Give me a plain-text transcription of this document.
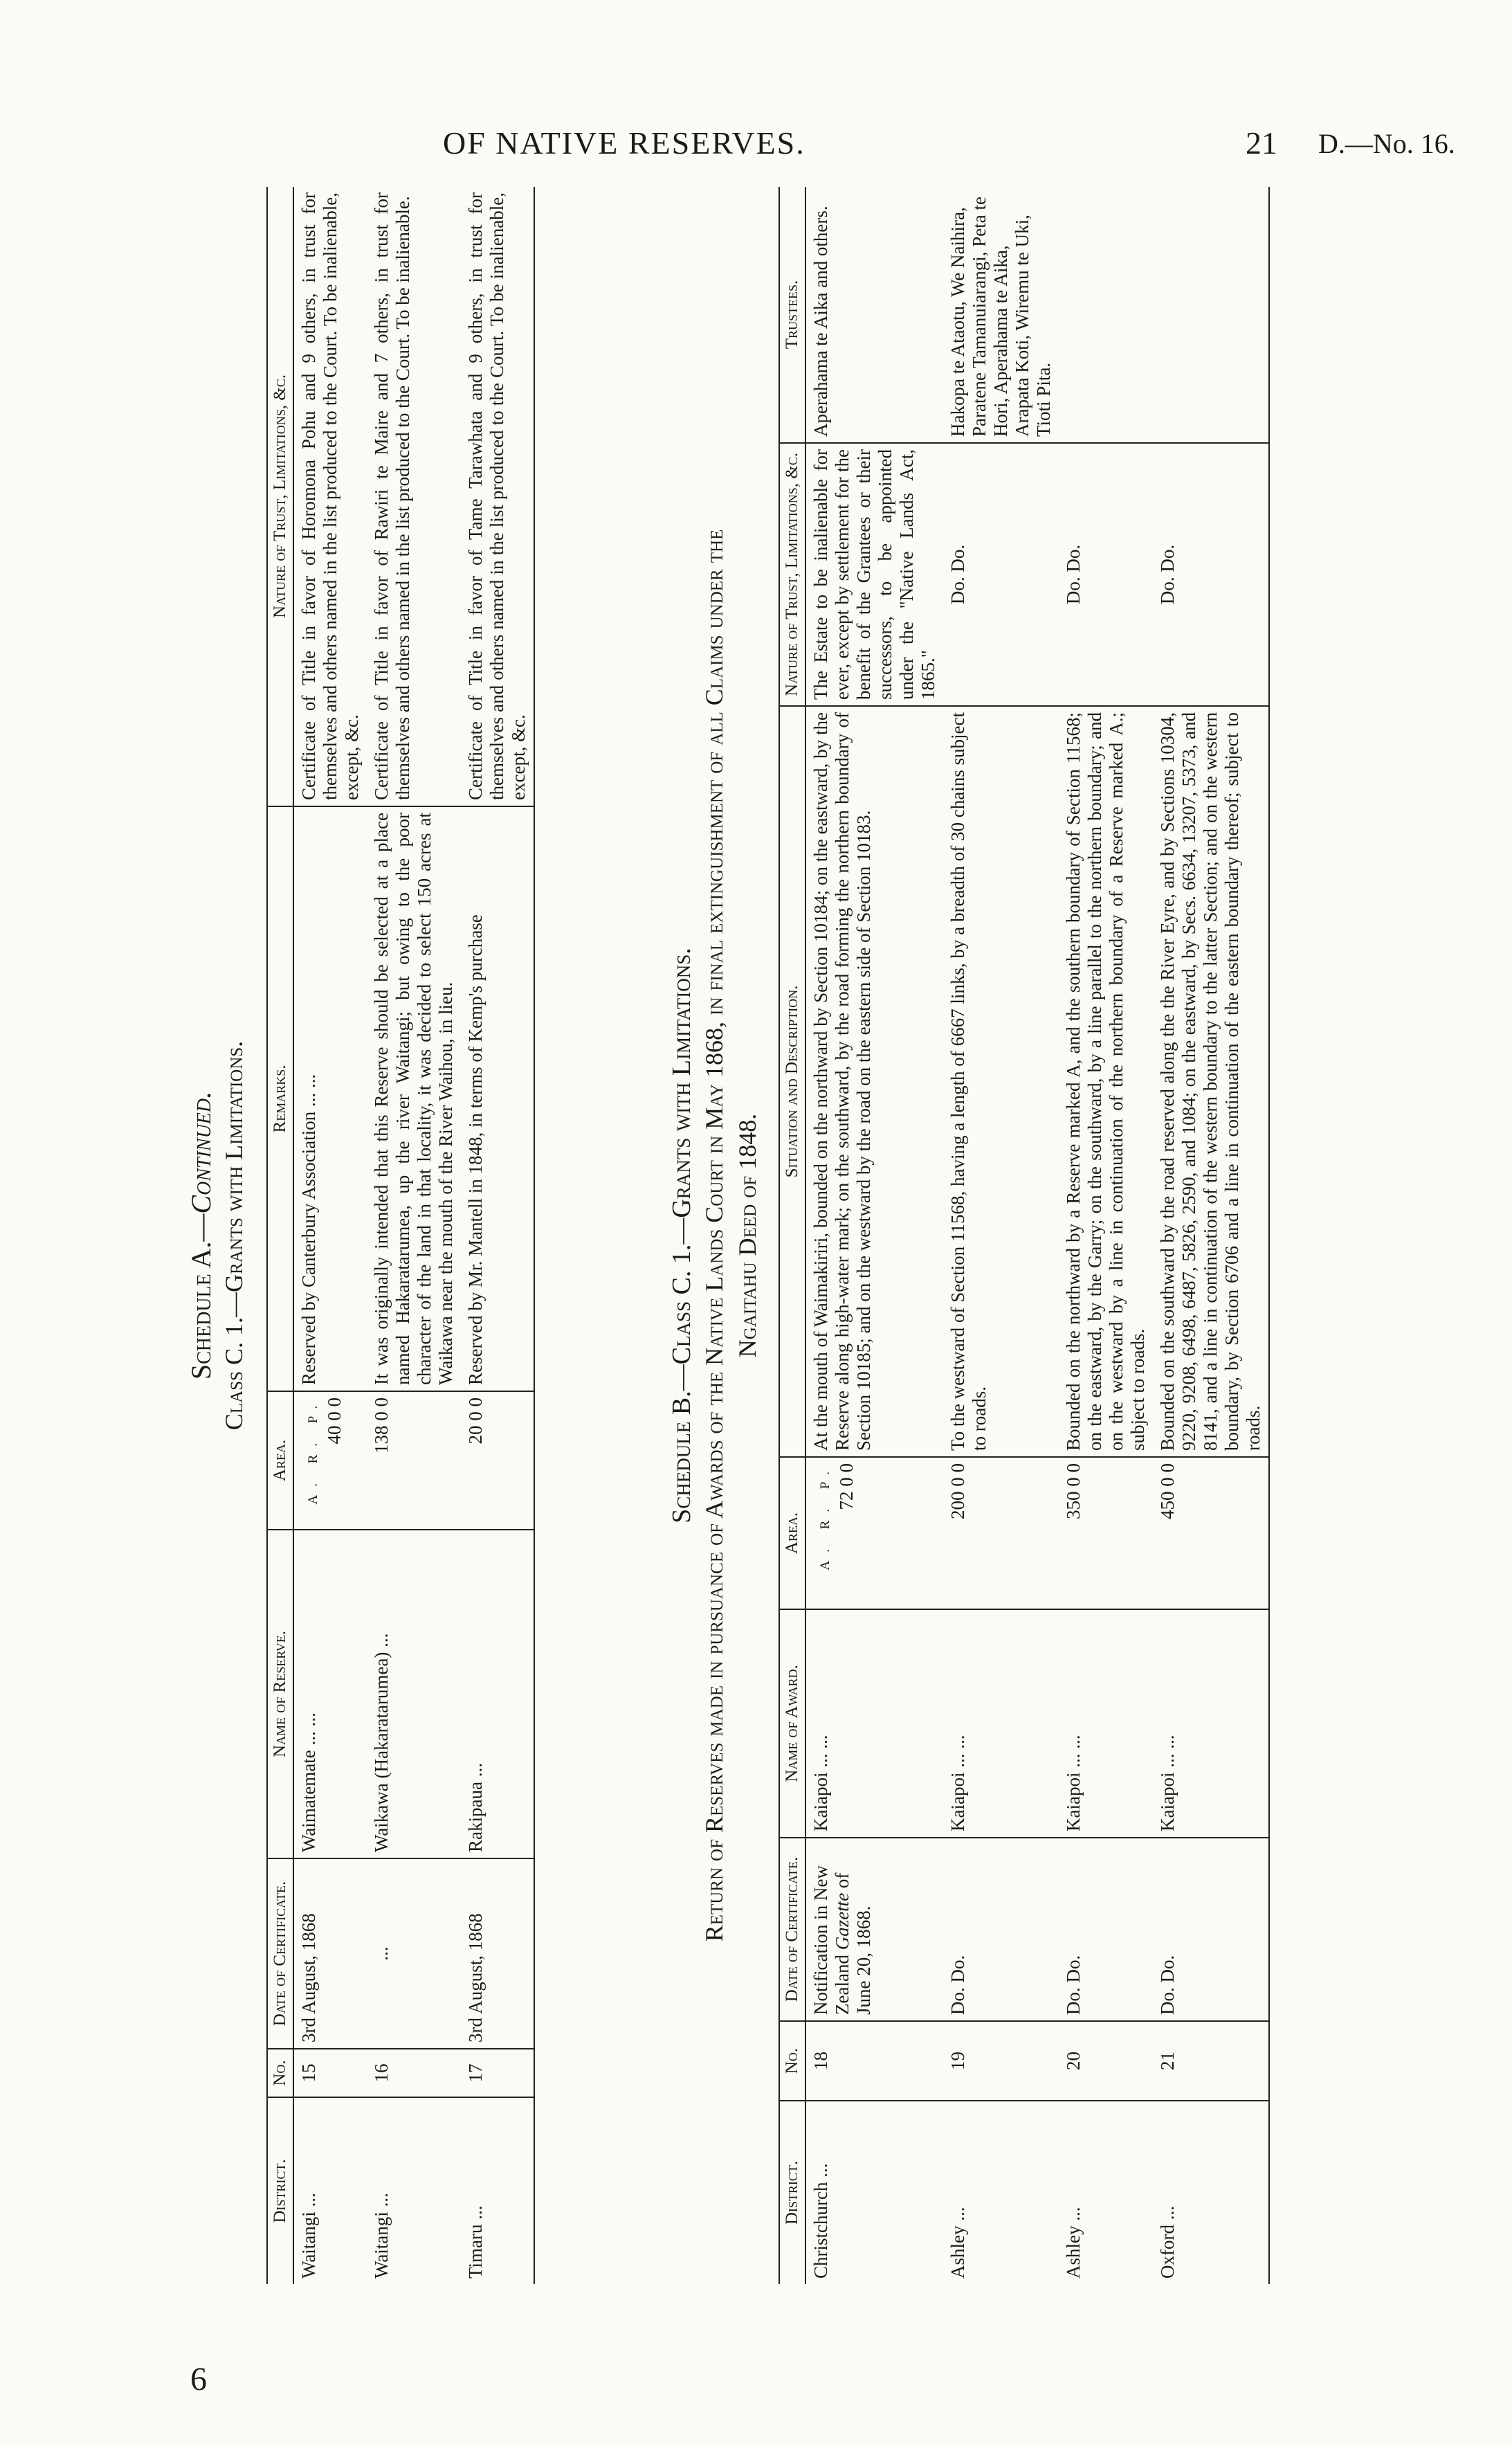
OF NATIVE RESERVES.	21 D.—No. 16.
6
Schedule A.—Continued. Class C. 1.—Grants with Limitations.
District.	No.	Date of Certificate.	Name of Reserve.	Area.	Remarks.	Nature of Trust, Limitations, &c.
Waitangi ...	15	3rd August, 1868	Waimatemate ... ...	A. R. P. 40 0 0	Reserved by Canterbury Association ... ...	Certificate of Title in favor of Horomona Pohu and 9 others, in trust for themselves and others named in the list produced to the Court. To be inalienable, except, &c.
Waitangi ...	16	...	Waikawa (Hakaratarumea) ...	138 0 0	It was originally intended that this Reserve should be selected at a place named Hakaratarumea, up the river Waitangi; but owing to the poor character of the land in that locality, it was decided to select 150 acres at Waikawa near the mouth of the River Waihou, in lieu.	Certificate of Title in favor of Rawiri te Maire and 7 others, in trust for themselves and others named in the list produced to the Court. To be inalienable.
Timaru ...	17	3rd August, 1868	Rakipaua ...	20 0 0	Reserved by Mr. Mantell in 1848, in terms of Kemp's purchase	Certificate of Title in favor of Tame Tarawhata and 9 others, in trust for themselves and others named in the list produced to the Court. To be inalienable, except, &c.
Schedule B.—Class C. 1.—Grants with Limitations. Return of Reserves made in pursuance of Awards of the Native Lands Court in May 1868, in final extinguishment of all Claims under the Ngaitahu Deed of 1848.
District.	No.	Date of Certificate.	Name of Award.	Area.	Situation and Description.	Nature of Trust, Limitations, &c.	Trustees.
Christchurch ...	18	Notification in New Zealand Gazette of June 20, 1868.	Kaiapoi ... ...	A. R. P. 72 0 0	At the mouth of Waimakiriri, bounded on the northward by Section 10184; on the eastward, by the Reserve along high-water mark; on the southward, by the road forming the northern boundary of Section 10185; and on the westward by the road on the eastern side of Section 10183.	The Estate to be inalienable for ever, except by settlement for the benefit of the Grantees or their successors, to be appointed under the "Native Lands Act, 1865."	Aperahama te Aika and others.
Ashley ...	19	Do. Do.	Kaiapoi ... ...	200 0 0	To the westward of Section 11568, having a length of 6667 links, by a breadth of 30 chains subject to roads.	Do. Do.	Hakopa te Ataotu, We Naihira, Paratene Tamanuiarangi, Peta te Hori, Aperahama te Aika, Arapata Koti, Wiremu te Uki, Tioti Pita.
Ashley ...	20	Do. Do.	Kaiapoi ... ...	350 0 0	Bounded on the northward by a Reserve marked A, and the southern boundary of Section 11568; on the eastward, by the Garry; on the southward, by a line parallel to the northern boundary; and on the westward by a line in continuation of the northern boundary of a Reserve marked A.; subject to roads.	Do. Do.	
Oxford ...	21	Do. Do.	Kaiapoi ... ...	450 0 0	Bounded on the southward by the road reserved along the the River Eyre, and by Sections 10304, 9220, 9208, 6498, 6487, 5826, 2590, and 1084; on the eastward, by Secs. 6634, 13207, 5373, and 8141, and a line in continuation of the western boundary to the latter Section; and on the western boundary, by Section 6706 and a line in continuation of the eastern boundary thereof; subject to roads.	Do. Do.	
